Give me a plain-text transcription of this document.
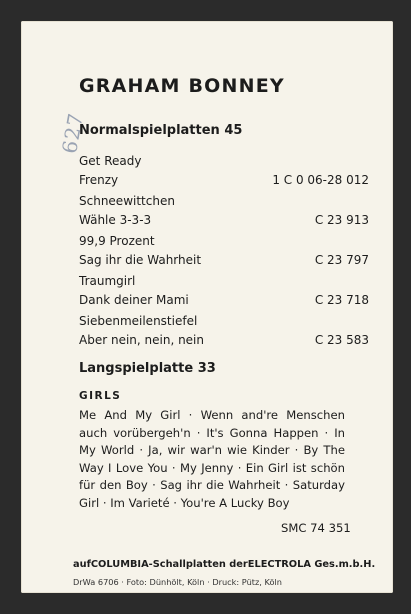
627
GRAHAM BONNEY
Normalspielplatten 45
Get Ready
Frenzy	1 C 0 06-28 012
Schneewittchen
Wähle 3-3-3	C 23 913
99,9 Prozent
Sag ihr die Wahrheit	C 23 797
Traumgirl
Dank deiner Mami	C 23 718
Siebenmeilenstiefel
Aber nein, nein, nein	C 23 583
Langspielplatte 33
GIRLS
Me And My Girl · Wenn and're Menschen auch vorübergeh'n · It's Gonna Happen · In My World · Ja, wir war'n wie Kinder · By The Way I Love You · My Jenny · Ein Girl ist schön für den Boy · Sag ihr die Wahrheit · Saturday Girl · Im Varieté · You're A Lucky Boy
SMC 74 351
aufCOLUMBIA-Schallplatten derELECTROLA Ges.m.b.H.
DrWa 6706 · Foto: Dünhölt, Köln · Druck: Pütz, Köln
